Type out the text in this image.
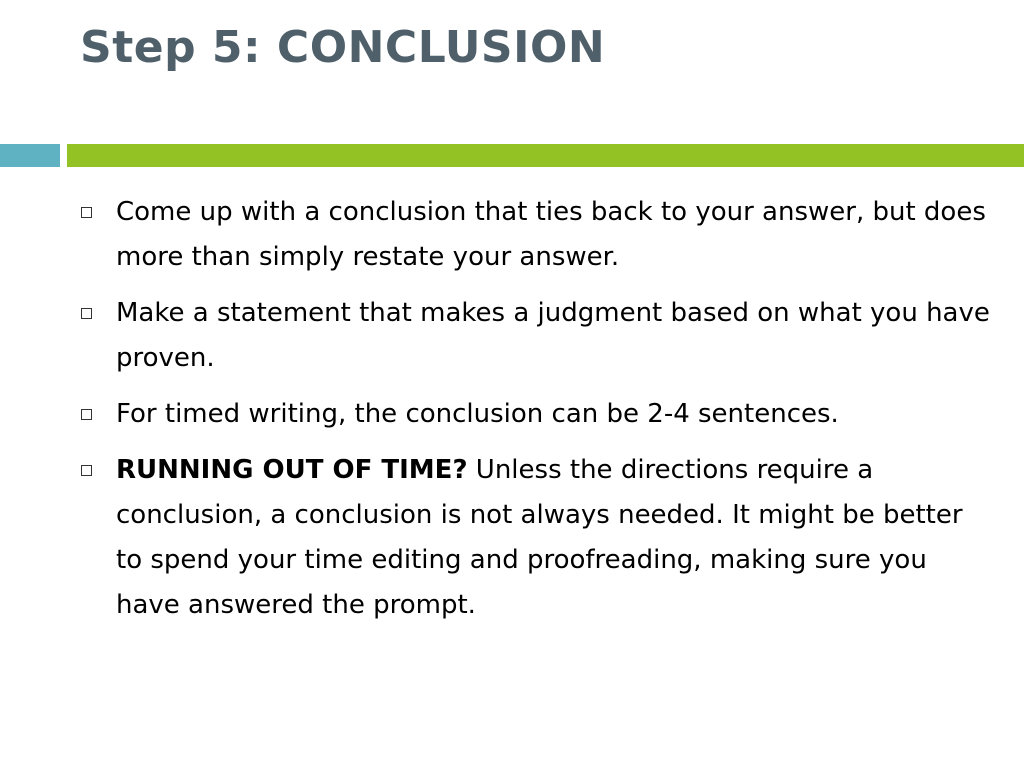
Step 5: CONCLUSION
Come up with a conclusion that ties back to your answer, but does more than simply restate your answer.
Make a statement that makes a judgment based on what you have proven.
For timed writing, the conclusion can be 2-4 sentences.
RUNNING OUT OF TIME? Unless the directions require a conclusion, a conclusion is not always needed. It might be better to spend your time editing and proofreading, making sure you have answered the prompt.
